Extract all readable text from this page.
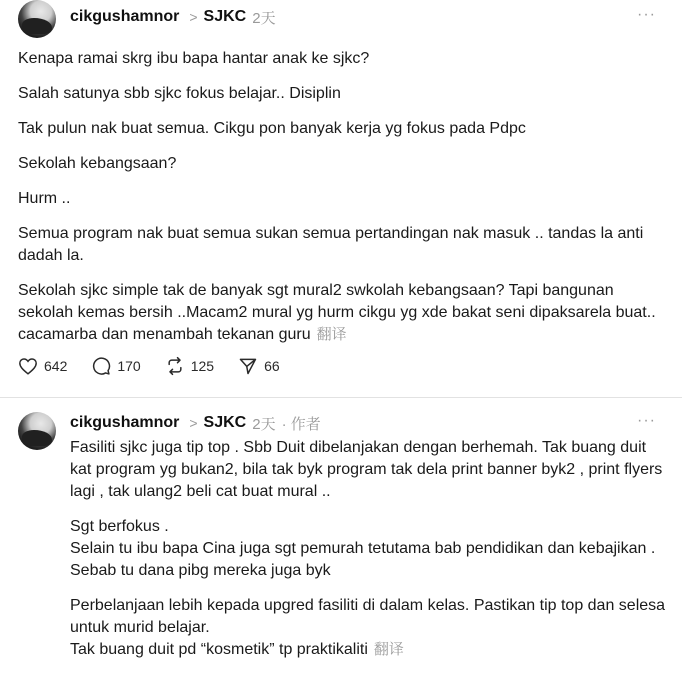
cikgushamnor > SJKC 2天	···

Kenapa ramai skrg ibu bapa hantar anak ke sjkc?

Salah satunya sbb sjkc fokus belajar.. Disiplin

Tak pulun nak buat semua. Cikgu pon banyak kerja yg fokus pada Pdpc

Sekolah kebangsaan?

Hurm ..

Semua program nak buat semua sukan semua pertandingan nak masuk .. tandas la anti dadah la.

Sekolah sjkc simple tak de banyak sgt mural2 swkolah kebangsaan? Tapi bangunan sekolah kemas bersih ..Macam2 mural yg hurm cikgu yg xde bakat seni dipaksarela buat.. cacamarba dan menambah tekanan guru 翻译

642	170	125	66
cikgushamnor > SJKC 2天 · 作者	···

Fasiliti sjkc juga tip top . Sbb Duit dibelanjakan dengan berhemah. Tak buang duit kat program yg bukan2, bila tak byk program tak dela print banner byk2 , print flyers lagi , tak ulang2 beli cat buat mural ..

Sgt berfokus .
Selain tu ibu bapa Cina juga sgt pemurah tetutama bab pendidikan dan kebajikan .
Sebab tu dana pibg mereka juga byk

Perbelanjaan lebih kepada upgred fasiliti di dalam kelas. Pastikan tip top dan selesa untuk murid belajar.
Tak buang duit pd “kosmetik” tp praktikaliti 翻译
